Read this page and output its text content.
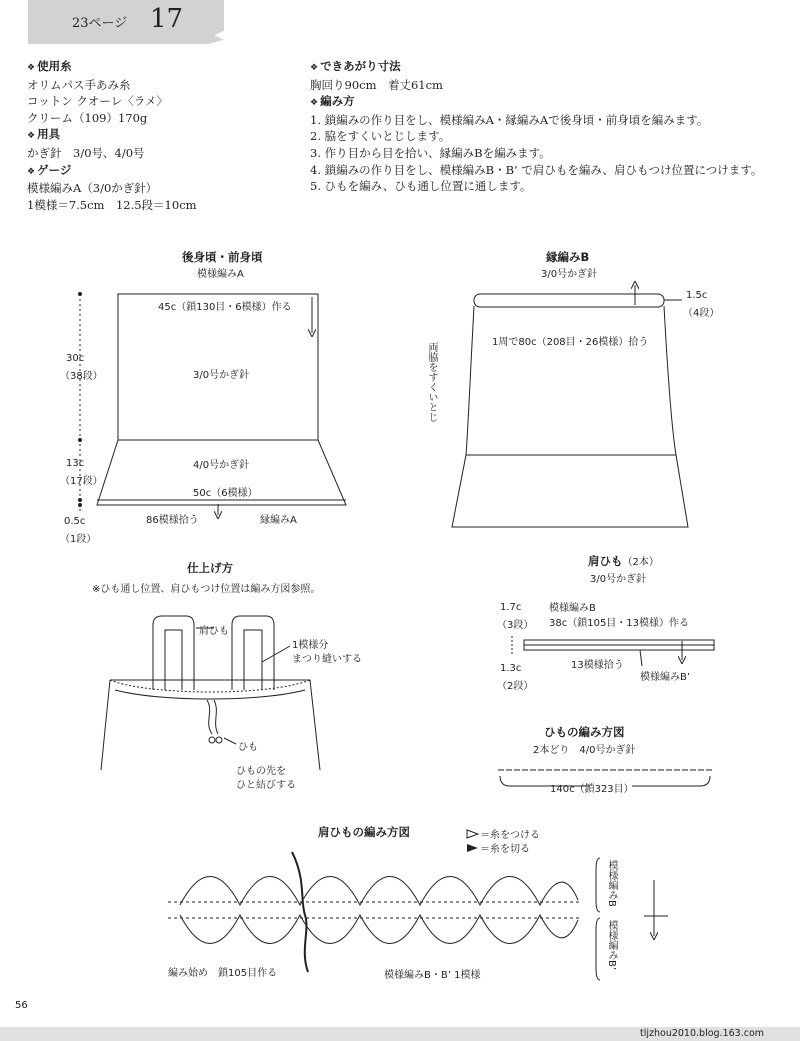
23ページ 17
❖ 使用糸
オリムパス手あみ糸
コットン クオーレ〈ラメ〉
クリーム（109）170g
❖ 用具
かぎ針　3/0号、4/0号
❖ ゲージ
模様編みA（3/0かぎ針）
1模様＝7.5cm　12.5段＝10cm
❖ できあがり寸法
胸回り90cm　着丈61cm
❖ 編み方
1. 鎖編みの作り目をし、模様編みA・縁編みAで後身頃・前身頃を編みます。
2. 脇をすくいとじします。
3. 作り目から目を拾い、縁編みBを編みます。
4. 鎖編みの作り目をし、模様編みB・B’ で肩ひもを編み、肩ひもつけ位置につけます。
5. ひもを編み、ひも通し位置に通します。
後身頃・前身頃
模様編みA
45c（鎖130目・6模様）作る
30c
（38段）	3/0号かぎ針
13c
（17段）
4/0号かぎ針
50c（6模様）
0.5c
（1段）
86模様拾う	縁編みA
縁編みB
3/0号かぎ針
1.5c
（4段）
1周で80c（208目・26模様）拾う
両脇をすくいとじ
仕上げ方
※ひも通し位置、肩ひもつけ位置は編み方図参照。
肩ひも
1模様分
まつり縫いする
ひも
ひもの先を
ひと結びする
肩ひも（2本）
3/0号かぎ針
1.7c
（3段）
模様編みB
38c（鎖105目・13模様）作る
1.3c
（2段）
13模様拾う
模様編みB’
ひもの編み方図
2本どり　4/0号かぎ針
140c（鎖323目）
肩ひもの編み方図	＝糸をつける
＝糸を切る
編み始め　鎖105目作る	模様編みB・B’ 1模様
模様編みB
模様編みB’
56
tljzhou2010.blog.163.com
